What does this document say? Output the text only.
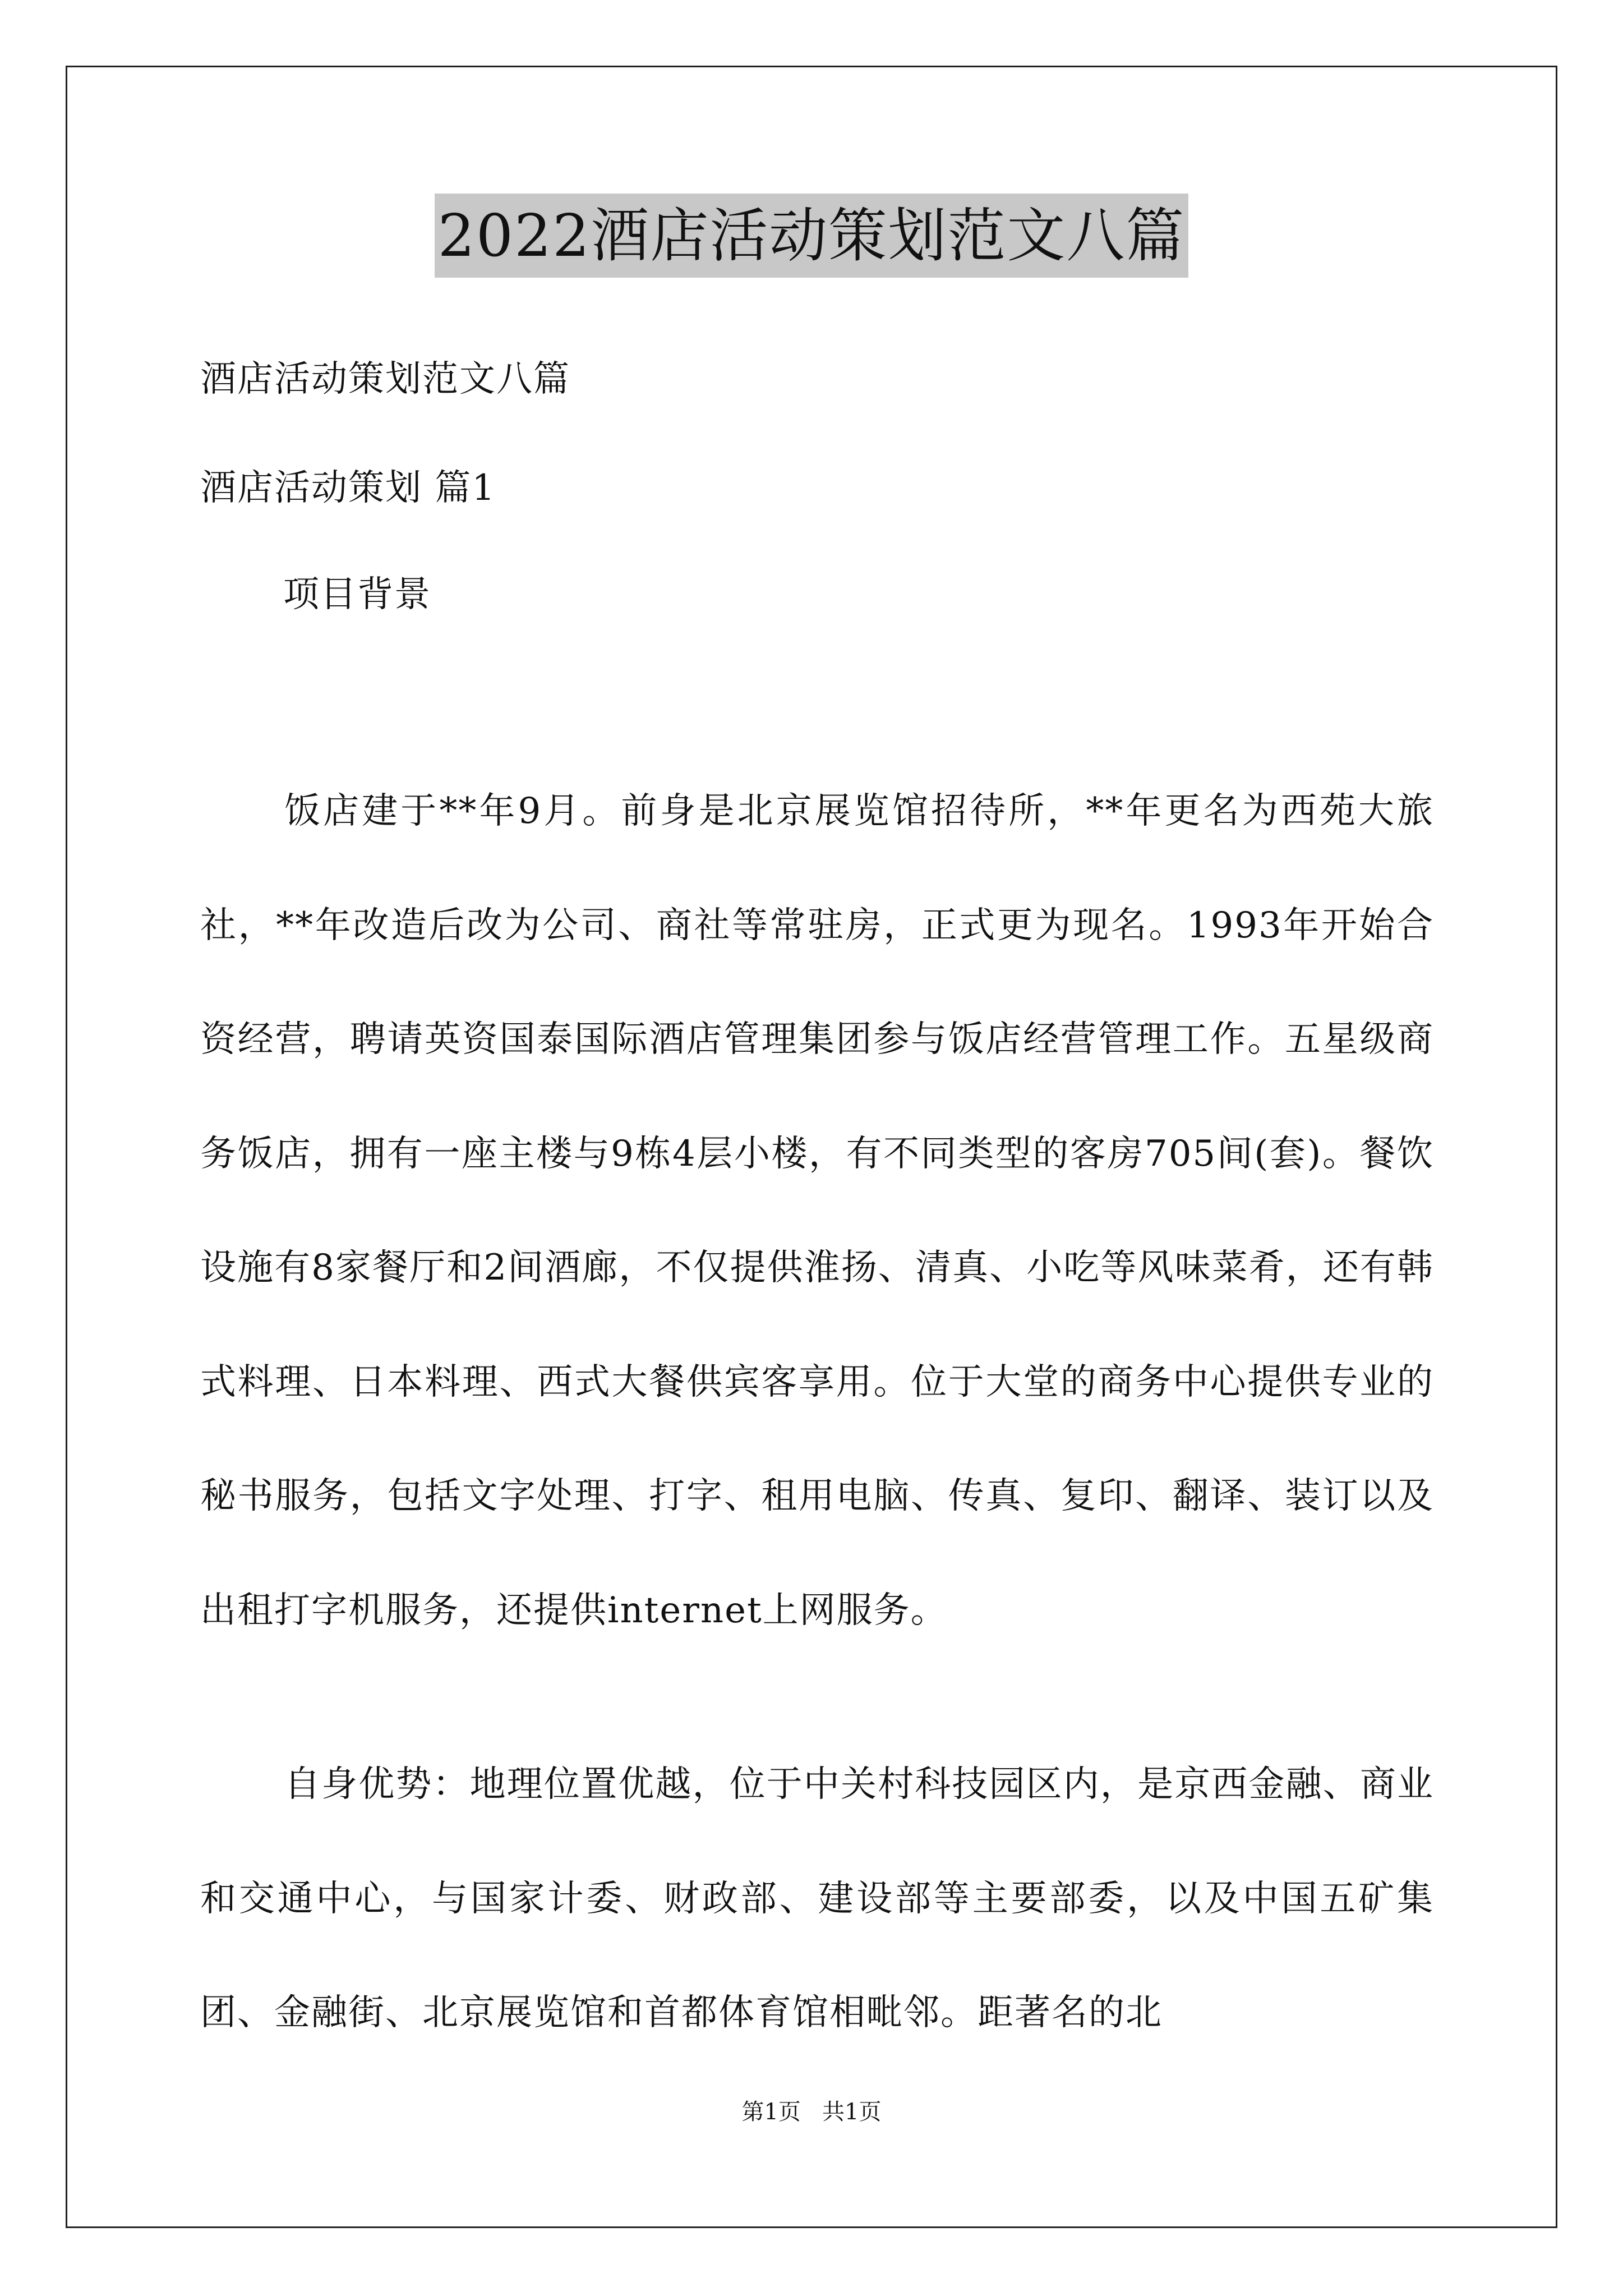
2022酒店活动策划范文八篇
酒店活动策划范文八篇
酒店活动策划 篇1
项目背景

饭店建于**年9月。前身是北京展览馆招待所，**年更名为西苑大旅社，**年改造后改为公司、商社等常驻房，正式更为现名。1993年开始合资经营，聘请英资国泰国际酒店管理集团参与饭店经营管理工作。五星级商务饭店，拥有一座主楼与9栋4层小楼，有不同类型的客房705间(套)。餐饮设施有8家餐厅和2间酒廊，不仅提供淮扬、清真、小吃等风味菜肴，还有韩式料理、日本料理、西式大餐供宾客享用。位于大堂的商务中心提供专业的秘书服务，包括文字处理、打字、租用电脑、传真、复印、翻译、装订以及出租打字机服务，还提供internet上网服务。

自身优势：地理位置优越，位于中关村科技园区内，是京西金融、商业和交通中心，与国家计委、财政部、建设部等主要部委，以及中国五矿集团、金融街、北京展览馆和首都体育馆相毗邻。距著名的北

第1页   共1页
